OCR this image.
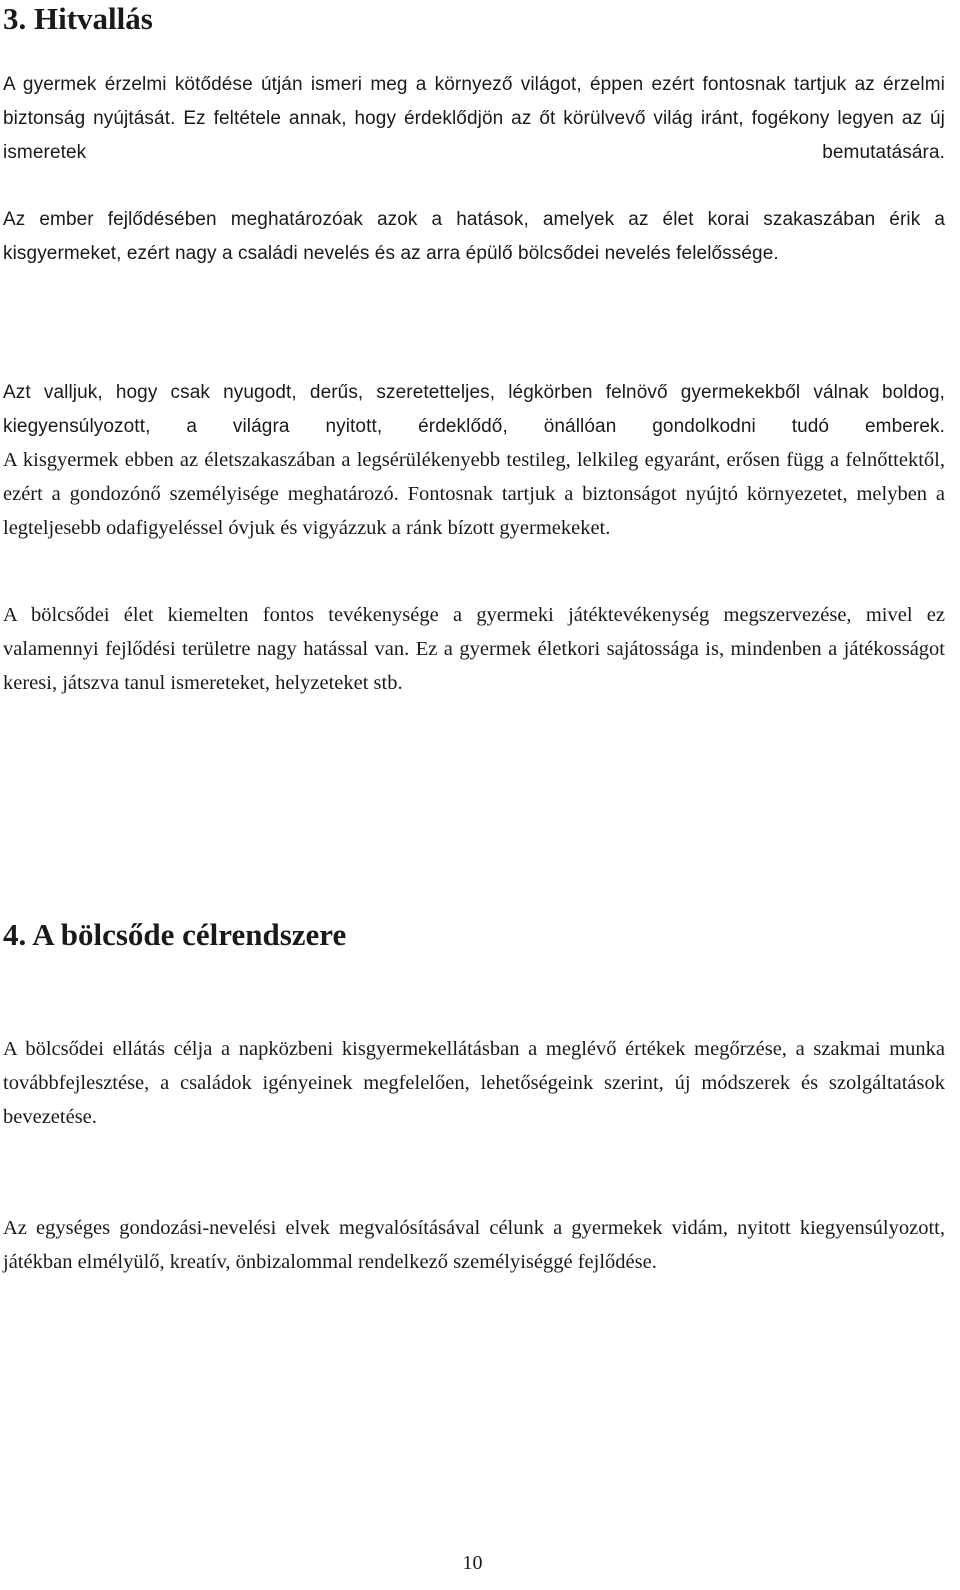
3. Hitvallás

A gyermek érzelmi kötődése útján ismeri meg a környező világot, éppen ezért fontosnak tartjuk az érzelmi biztonság nyújtását. Ez feltétele annak, hogy érdeklődjön az őt körülvevő világ iránt, fogékony legyen az új ismeretek bemutatására.

Az ember fejlődésében meghatározóak azok a hatások, amelyek az élet korai szakaszában érik a kisgyermeket, ezért nagy a családi nevelés és az arra épülő bölcsődei nevelés felelőssége.

Azt valljuk, hogy csak nyugodt, derűs, szeretetteljes, légkörben felnövő gyermekekből válnak boldog, kiegyensúlyozott, a világra nyitott, érdeklődő, önállóan gondolkodni tudó emberek.

A kisgyermek ebben az életszakaszában a legsérülékenyebb testileg, lelkileg egyaránt, erősen függ a felnőttektől, ezért a gondozónő személyisége meghatározó. Fontosnak tartjuk a biztonságot nyújtó környezetet, melyben a legteljesebb odafigyeléssel óvjuk és vigyázzuk a ránk bízott gyermekeket.

A bölcsődei élet kiemelten fontos tevékenysége a gyermeki játéktevékenység megszervezése, mivel ez valamennyi fejlődési területre nagy hatással van. Ez a gyermek életkori sajátossága is, mindenben a játékosságot keresi, játszva tanul ismereteket, helyzeteket stb.

4. A bölcsőde célrendszere

A bölcsődei ellátás célja a napközbeni kisgyermekellátásban a meglévő értékek megőrzése, a szakmai munka továbbfejlesztése, a családok igényeinek megfelelően, lehetőségeink szerint, új módszerek és szolgáltatások bevezetése.

Az egységes gondozási-nevelési elvek megvalósításával célunk a gyermekek vidám, nyitott kiegyensúlyozott, játékban elmélyülő, kreatív, önbizalommal rendelkező személyiséggé fejlődése.

10
